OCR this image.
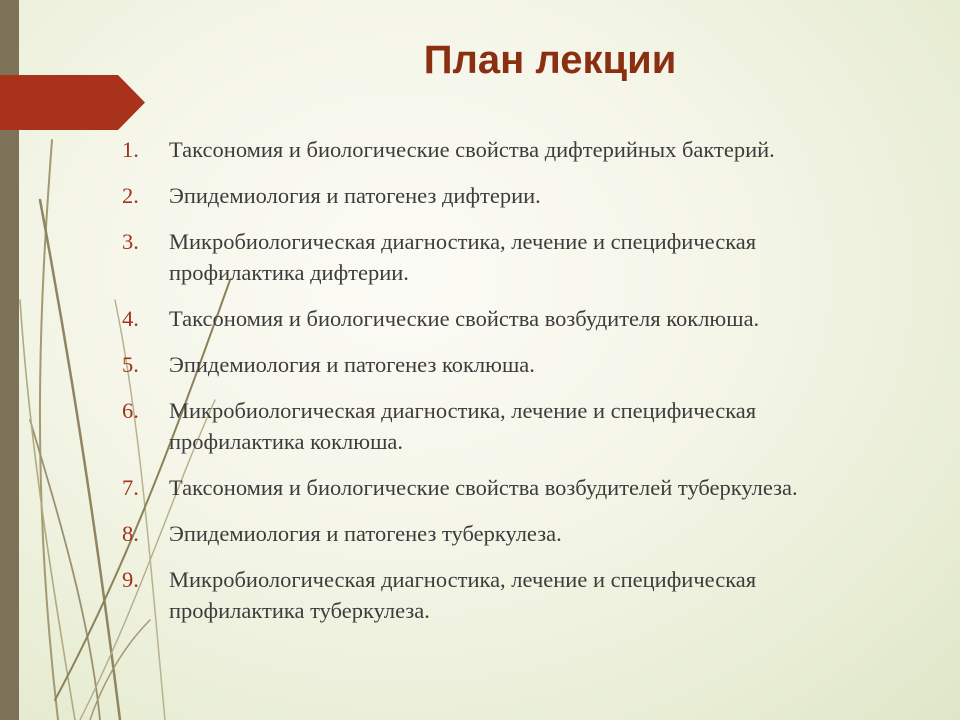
План лекции
1.	Таксономия и биологические свойства дифтерийных бактерий.
2.	Эпидемиология и патогенез дифтерии.
3.	Микробиологическая диагностика, лечение и специфическая профилактика дифтерии.
4.	Таксономия и биологические свойства возбудителя коклюша.
5.	Эпидемиология и патогенез коклюша.
6.	Микробиологическая диагностика, лечение и специфическая профилактика коклюша.
7.	Таксономия и биологические свойства возбудителей туберкулеза.
8.	Эпидемиология и патогенез туберкулеза.
9.	Микробиологическая диагностика, лечение и специфическая профилактика туберкулеза.
